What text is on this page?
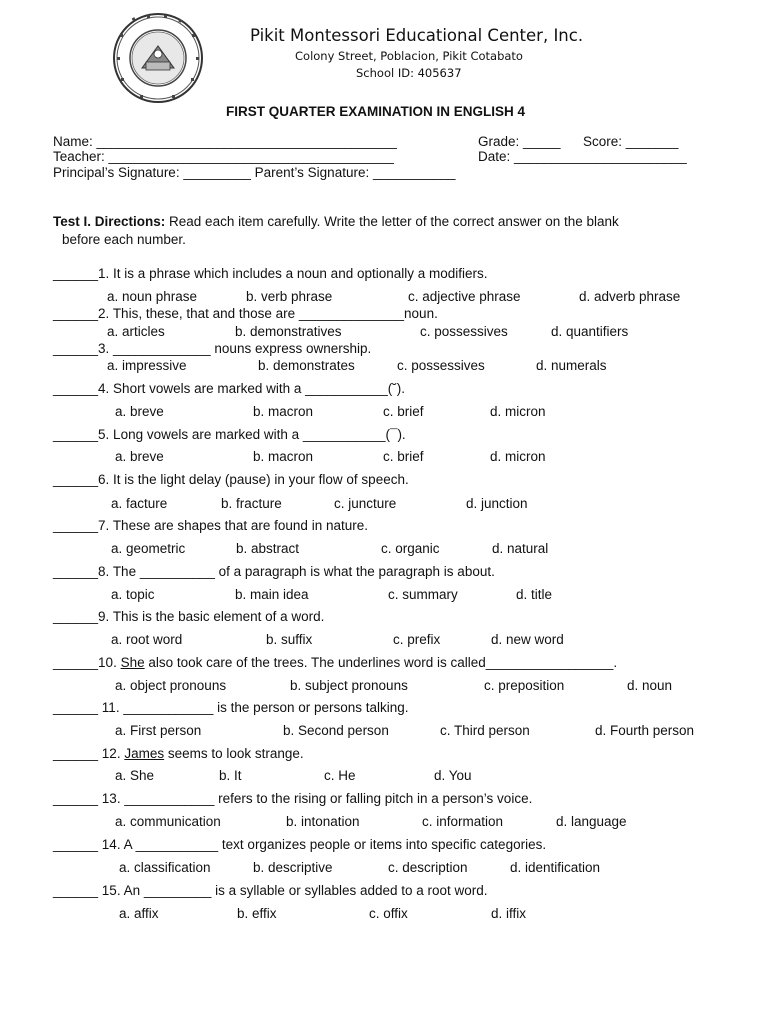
Pikit Montessori Educational Center, Inc.
Colony Street, Poblacion, Pikit Cotabato
School ID: 405637
FIRST QUARTER EXAMINATION IN ENGLISH 4
Name: ________________________________________	Grade: _____ Score: _______
Teacher: ______________________________________	Date: _______________________
Principal’s Signature: _________ Parent’s Signature: ___________
Test I. Directions: Read each item carefully. Write the letter of the correct answer on the blank
before each number.
______1. It is a phrase which includes a noun and optionally a modifiers.
a. noun phrase	b. verb phrase	c. adjective phrase	d. adverb phrase
______2. This, these, that and those are ______________noun.
a. articles	b. demonstratives	c. possessives	d. quantifiers
______3. _____________ nouns express ownership.
a. impressive	b. demonstrates	c. possessives	d. numerals
______4. Short vowels are marked with a ___________(˘).
a. breve	b. macron	c. brief	d. micron
______5. Long vowels are marked with a ___________(¯).
a. breve	b. macron	c. brief	d. micron
______6. It is the light delay (pause) in your flow of speech.
a. facture	b. fracture	c. juncture	d. junction
______7. These are shapes that are found in nature.
a. geometric	b. abstract	c. organic	d. natural
______8. The __________ of a paragraph is what the paragraph is about.
a. topic	b. main idea	c. summary	d. title
______9. This is the basic element of a word.
a. root word	b. suffix	c. prefix	d. new word
______10. She also took care of the trees. The underlines word is called_________________.
a. object pronouns	b. subject pronouns	c. preposition	d. noun
______ 11. ____________ is the person or persons talking.
a. First person	b. Second person	c. Third person	d. Fourth person
______ 12. James seems to look strange.
a. She	b. It	c. He	d. You
______ 13. ____________ refers to the rising or falling pitch in a person’s voice.
a. communication	b. intonation	c. information	d. language
______ 14. A ___________ text organizes people or items into specific categories.
a. classification	b. descriptive	c. description	d. identification
______ 15. An _________ is a syllable or syllables added to a root word.
a. affix	b. effix	c. offix	d. iffix
